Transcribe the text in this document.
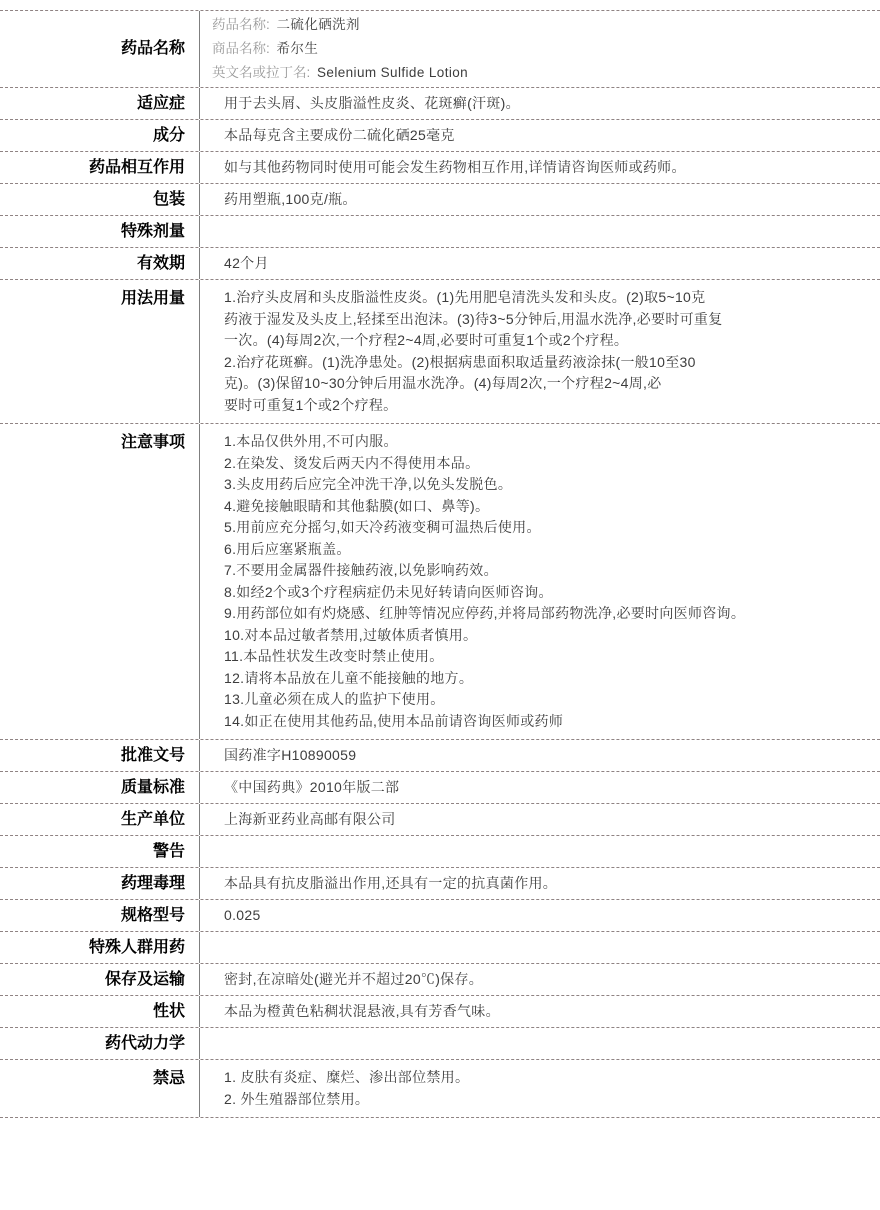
药品名称
药品名称:  二硫化硒洗剂
商品名称:  希尔生
英文名或拉丁名:  Selenium Sulfide Lotion
适应症	用于去头屑、头皮脂溢性皮炎、花斑癣(汗斑)。
成分	本品每克含主要成份二硫化硒25毫克
药品相互作用	如与其他药物同时使用可能会发生药物相互作用,详情请咨询医师或药师。
包装	药用塑瓶,100克/瓶。
特殊剂量
有效期	42个月
用法用量	1.治疗头皮屑和头皮脂溢性皮炎。(1)先用肥皂清洗头发和头皮。(2)取5~10克
药液于湿发及头皮上,轻揉至出泡沫。(3)待3~5分钟后,用温水洗净,必要时可重复
一次。(4)每周2次,一个疗程2~4周,必要时可重复1个或2个疗程。
2.治疗花斑癣。(1)洗净患处。(2)根据病患面积取适量药液涂抹(一般10至30
克)。(3)保留10~30分钟后用温水洗净。(4)每周2次,一个疗程2~4周,必
要时可重复1个或2个疗程。
注意事项	1.本品仅供外用,不可内服。
2.在染发、烫发后两天内不得使用本品。
3.头皮用药后应完全冲洗干净,以免头发脱色。
4.避免接触眼睛和其他黏膜(如口、鼻等)。
5.用前应充分摇匀,如天冷药液变稠可温热后使用。
6.用后应塞紧瓶盖。
7.不要用金属器件接触药液,以免影响药效。
8.如经2个或3个疗程病症仍未见好转请向医师咨询。
9.用药部位如有灼烧感、红肿等情况应停药,并将局部药物洗净,必要时向医师咨询。
10.对本品过敏者禁用,过敏体质者慎用。
11.本品性状发生改变时禁止使用。
12.请将本品放在儿童不能接触的地方。
13.儿童必须在成人的监护下使用。
14.如正在使用其他药品,使用本品前请咨询医师或药师
批准文号	国药准字H10890059
质量标准	《中国药典》2010年版二部
生产单位	上海新亚药业高邮有限公司
警告
药理毒理	本品具有抗皮脂溢出作用,还具有一定的抗真菌作用。
规格型号	0.025
特殊人群用药
保存及运输	密封,在凉暗处(避光并不超过20℃)保存。
性状	本品为橙黄色粘稠状混悬液,具有芳香气味。
药代动力学
禁忌	1. 皮肤有炎症、糜烂、渗出部位禁用。
2. 外生殖器部位禁用。
